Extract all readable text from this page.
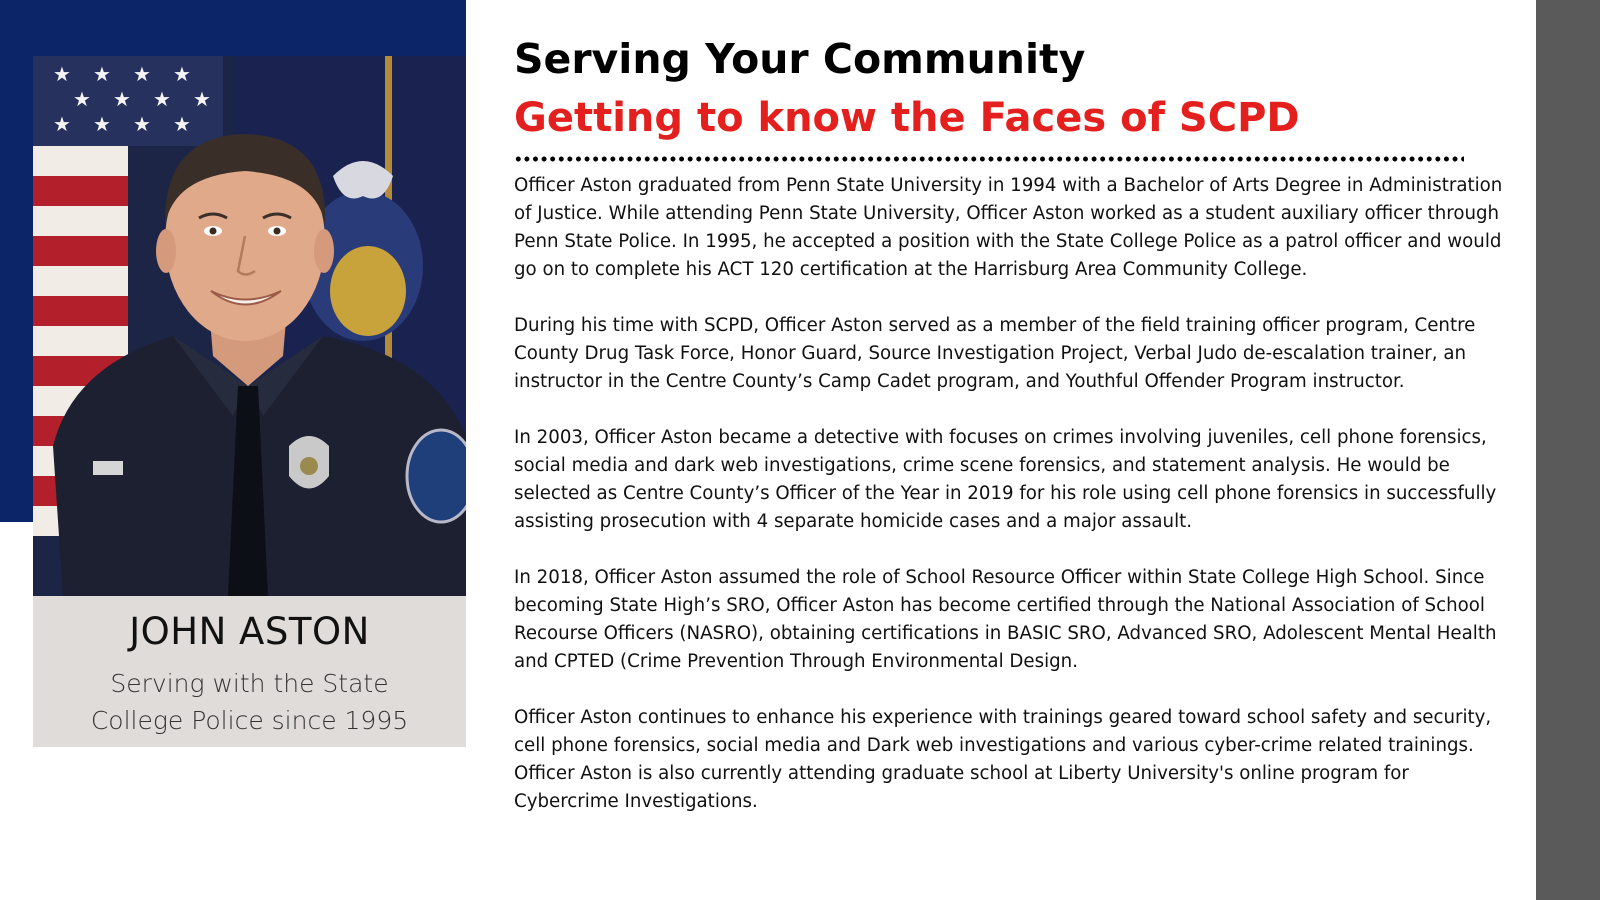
★ ★ ★ ★
★ ★ ★ ★
★ ★ ★ ★
JOHN ASTON
Serving with the State College Police since 1995
Serving Your Community
Getting to know the Faces of SCPD

Officer Aston graduated from Penn State University in 1994 with a Bachelor of Arts Degree in Administration of Justice. While attending Penn State University, Officer Aston worked as a student auxiliary officer through Penn State Police. In 1995, he accepted a position with the State College Police as a patrol officer and would go on to complete his ACT 120 certification at the Harrisburg Area Community College.

During his time with SCPD, Officer Aston served as a member of the field training officer program, Centre County Drug Task Force, Honor Guard, Source Investigation Project, Verbal Judo de-escalation trainer, an instructor in the Centre County’s Camp Cadet program, and Youthful Offender Program instructor.

In 2003, Officer Aston became a detective with focuses on crimes involving juveniles, cell phone forensics, social media and dark web investigations, crime scene forensics, and statement analysis. He would be selected as Centre County’s Officer of the Year in 2019 for his role using cell phone forensics in successfully assisting prosecution with 4 separate homicide cases and a major assault.

In 2018, Officer Aston assumed the role of School Resource Officer within State College High School. Since becoming State High’s SRO, Officer Aston has become certified through the National Association of School Recourse Officers (NASRO), obtaining certifications in BASIC SRO, Advanced SRO, Adolescent Mental Health and CPTED (Crime Prevention Through Environmental Design.

Officer Aston continues to enhance his experience with trainings geared toward school safety and security, cell phone forensics, social media and Dark web investigations and various cyber-crime related trainings. Officer Aston is also currently attending graduate school at Liberty University's online program for Cybercrime Investigations.
